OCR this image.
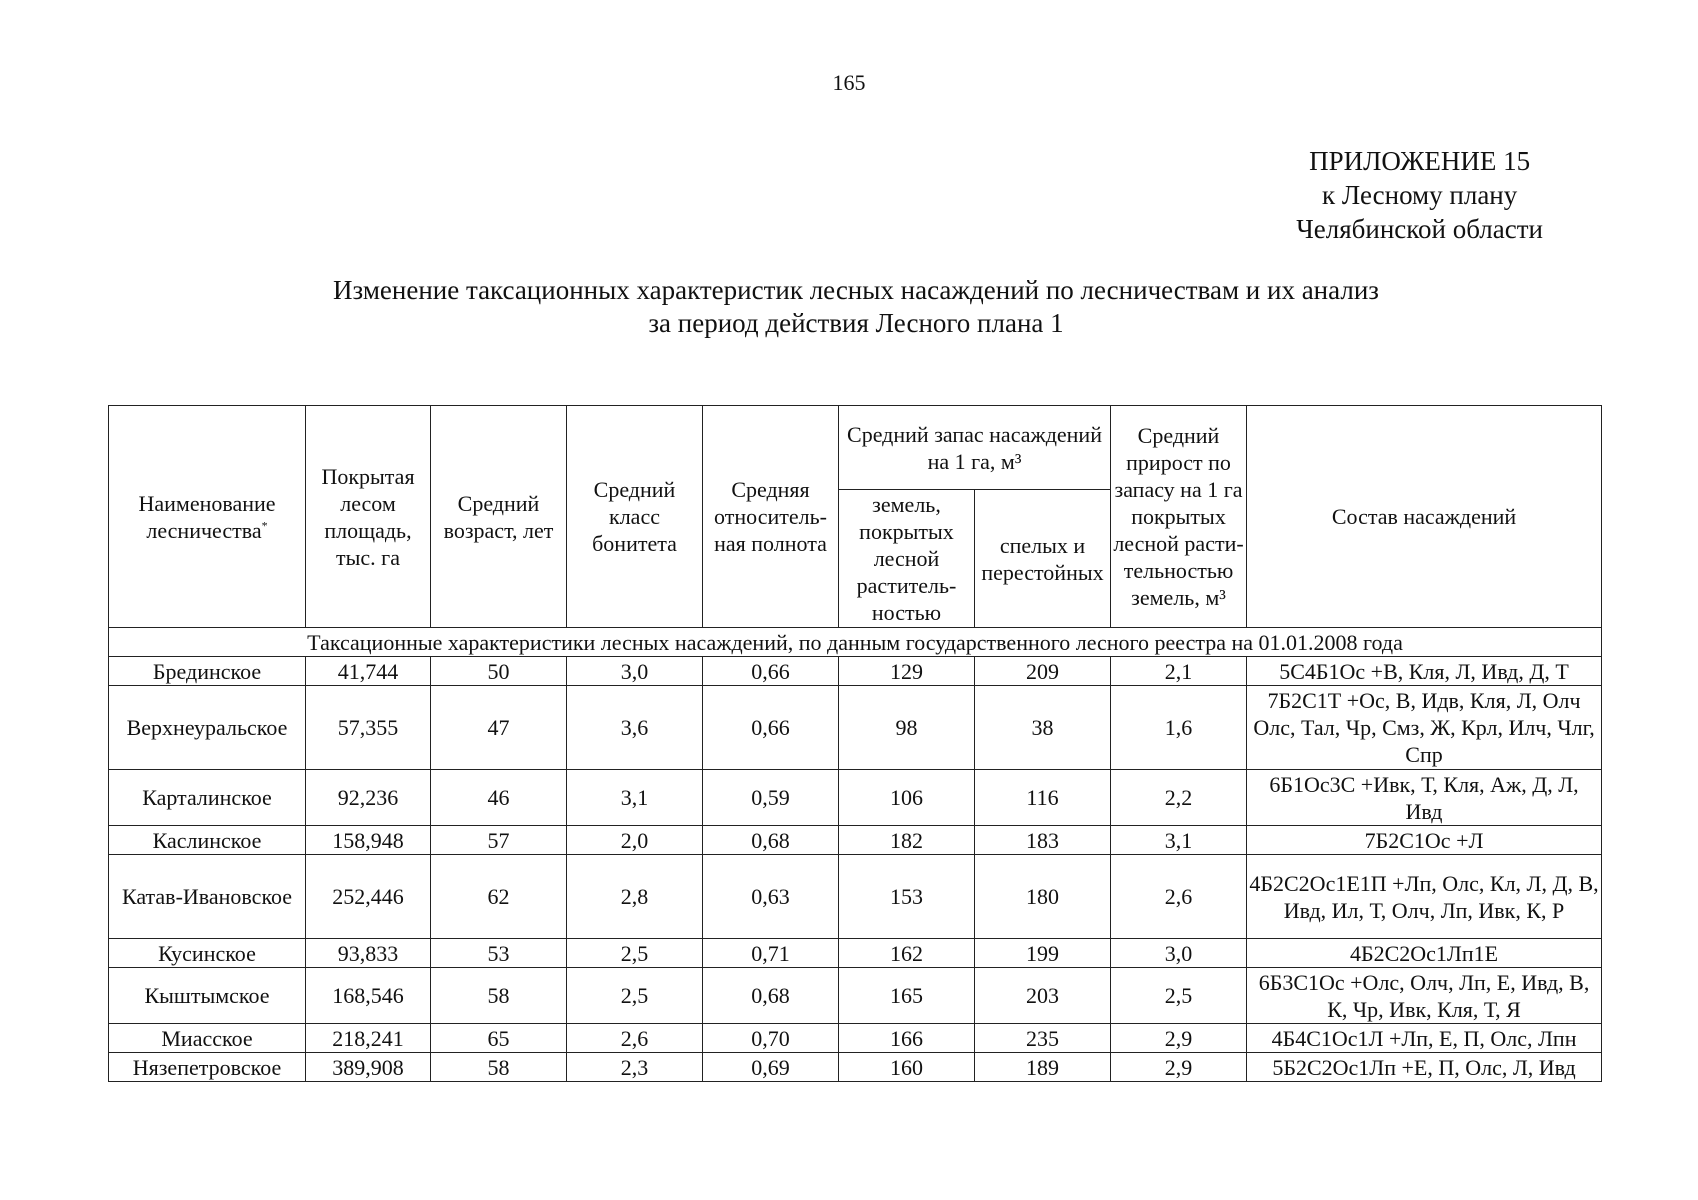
165
ПРИЛОЖЕНИЕ 15
к Лесному плану
Челябинской области
Изменение таксационных характеристик лесных насаждений по лесничествам и их анализ
за период действия Лесного плана 1
Наименование лесничества*	Покрытая лесом площадь, тыс. га	Средний возраст, лет	Средний класс бонитета	Средняя относитель-ная полнота	Средний запас насаждений на 1 га, м³		Средний прирост по запасу на 1 га покрытых лесной расти-тельностью земель, м³	Состав насаждений
					земель, покрытых лесной раститель-ностью	спелых и перестойных		
Таксационные характеристики лесных насаждений, по данным государственного лесного реестра на 01.01.2008 года								
Брединское	41,744	50	3,0	0,66	129	209	2,1	5С4Б1Ос +В, Кля, Л, Ивд, Д, Т
Верхнеуральское	57,355	47	3,6	0,66	98	38	1,6	7Б2С1Т +Ос, В, Идв, Кля, Л, Олч Олс, Тал, Чр, Смз, Ж, Крл, Илч, Члг, Спр
Карталинское	92,236	46	3,1	0,59	106	116	2,2	6Б1Ос3С +Ивк, Т, Кля, Аж, Д, Л, Ивд
Каслинское	158,948	57	2,0	0,68	182	183	3,1	7Б2С1Ос +Л
Катав-Ивановское	252,446	62	2,8	0,63	153	180	2,6	4Б2С2Ос1Е1П +Лп, Олс, Кл, Л, Д, В, Ивд, Ил, Т, Олч, Лп, Ивк, К, Р
Кусинское	93,833	53	2,5	0,71	162	199	3,0	4Б2С2Ос1Лп1Е
Кыштымское	168,546	58	2,5	0,68	165	203	2,5	6Б3С1Ос +Олс, Олч, Лп, Е, Ивд, В, К, Чр, Ивк, Кля, Т, Я
Миасское	218,241	65	2,6	0,70	166	235	2,9	4Б4С1Ос1Л +Лп, Е, П, Олс, Лпн
Нязепетровское	389,908	58	2,3	0,69	160	189	2,9	5Б2С2Ос1Лп +Е, П, Олс, Л, Ивд
